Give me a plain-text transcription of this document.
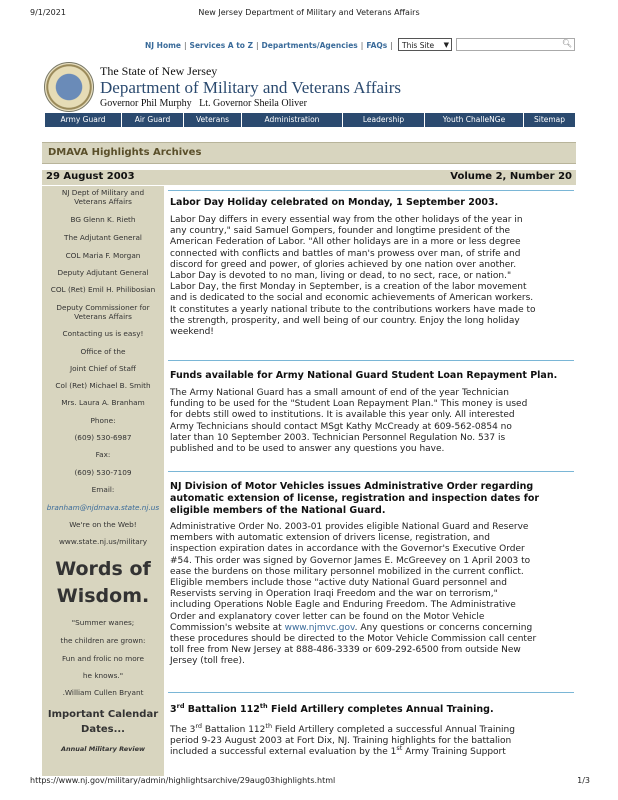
9/1/2021	New Jersey Department of Military and Veterans Affairs
NJ Home | Services A to Z | Departments/Agencies | FAQs |	This Site ▼	🔍︎
The State of New Jersey
Department of Military and Veterans Affairs
Governor Phil Murphy Lt. Governor Sheila Oliver
Army Guard	Air Guard	Veterans	Administration	Leadership	Youth ChalleNGe	Sitemap
DMAVA Highlights Archives
29 August 2003	Volume 2, Number 20
NJ Dept of Military and
Veterans Affairs
BG Glenn K. Rieth
The Adjutant General
COL Maria F. Morgan
Deputy Adjutant General
COL (Ret) Emil H. Philibosian
Deputy Commissioner for
Veterans Affairs
Contacting us is easy!
Office of the
Joint Chief of Staff
Col (Ret) Michael B. Smith
Mrs. Laura A. Branham
Phone:
(609) 530-6987
Fax:
(609) 530-7109
Email:
branham@njdmava.state.nj.us
We're on the Web!
www.state.nj.us/military
Words of
Wisdom.
"Summer wanes;
the children are grown:
Fun and frolic no more
he knows."
.William Cullen Bryant
Important Calendar
Dates...
Annual Military Review
Labor Day Holiday celebrated on Monday, 1 September 2003.
Labor Day differs in every essential way from the other holidays of the year in
any country," said Samuel Gompers, founder and longtime president of the
American Federation of Labor. "All other holidays are in a more or less degree
connected with conflicts and battles of man's prowess over man, of strife and
discord for greed and power, of glories achieved by one nation over another.
Labor Day is devoted to no man, living or dead, to no sect, race, or nation."
Labor Day, the first Monday in September, is a creation of the labor movement
and is dedicated to the social and economic achievements of American workers.
It constitutes a yearly national tribute to the contributions workers have made to
the strength, prosperity, and well being of our country. Enjoy the long holiday
weekend!
Funds available for Army National Guard Student Loan Repayment Plan.
The Army National Guard has a small amount of end of the year Technician
funding to be used for the "Student Loan Repayment Plan." This money is used
for debts still owed to institutions. It is available this year only. All interested
Army Technicians should contact MSgt Kathy McCready at 609-562-0854 no
later than 10 September 2003. Technician Personnel Regulation No. 537 is
published and to be used to answer any questions you have.
NJ Division of Motor Vehicles issues Administrative Order regarding
automatic extension of license, registration and inspection dates for
eligible members of the National Guard.
Administrative Order No. 2003-01 provides eligible National Guard and Reserve
members with automatic extension of drivers license, registration, and
inspection expiration dates in accordance with the Governor's Executive Order
#54. This order was signed by Governor James E. McGreevey on 1 April 2003 to
ease the burdens on those military personnel mobilized in the current conflict.
Eligible members include those "active duty National Guard personnel and
Reservists serving in Operation Iraqi Freedom and the war on terrorism,"
including Operations Noble Eagle and Enduring Freedom. The Administrative
Order and explanatory cover letter can be found on the Motor Vehicle
Commission's website at www.njmvc.gov. Any questions or concerns concerning
these procedures should be directed to the Motor Vehicle Commission call center
toll free from New Jersey at 888-486-3339 or 609-292-6500 from outside New
Jersey (toll free).
3rd Battalion 112th Field Artillery completes Annual Training.
The 3rd Battalion 112th Field Artillery completed a successful Annual Training
period 9-23 August 2003 at Fort Dix, NJ. Training highlights for the battalion
included a successful external evaluation by the 1st Army Training Support
https://www.nj.gov/military/admin/highlightsarchive/29aug03highlights.html	1/3
